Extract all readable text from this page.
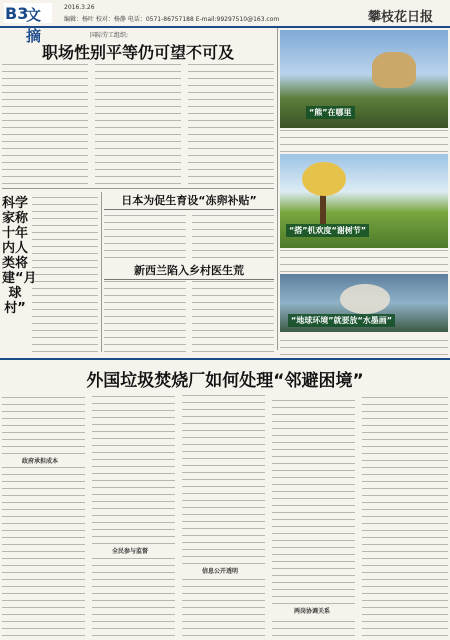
B3
文摘
2016.3.26
编辑：杨叶 校对：杨静 电话：0571-86757188 E-mail:99297510@163.com	攀枝花日报
国际劳工组织:
职场性别平等仍可望不可及
“熊”在哪里
“搭”机欢度“谢树节”
“地球环境”就要放“水墨画”
科学家称十年内人类将建“月球村”
日本为促生育设“冻卵补贴”
新西兰陷入乡村医生荒
外国垃圾焚烧厂如何处理“邻避困境”
政府承担成本
全民参与监督
信息公开透明
两岗协调关系
